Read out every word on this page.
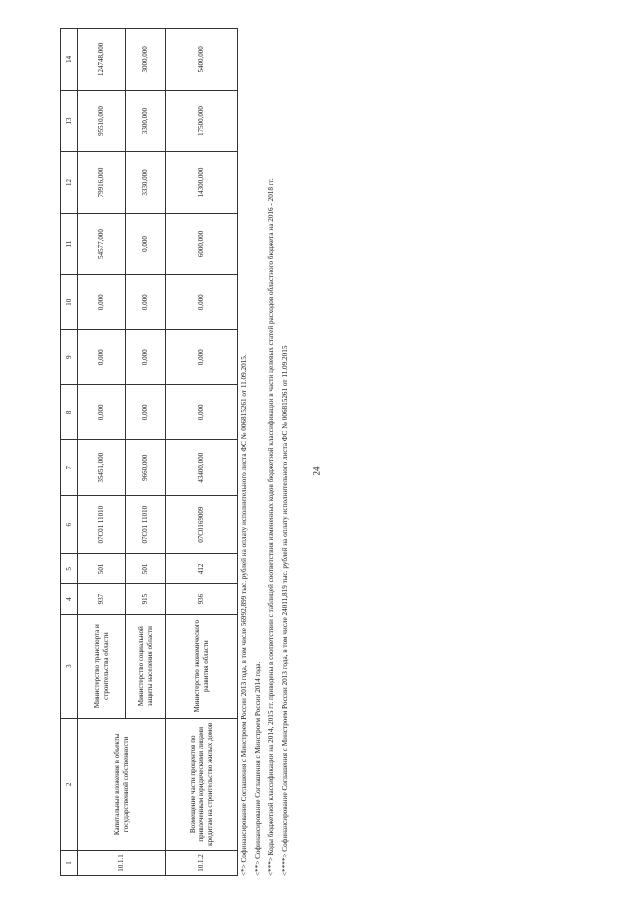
24
1	2	3	4	5	6	7	8	9	10	11	12	13	14
10.1.1	Капитальные вложения в объекты государственной собственности	Министерство транспорта и строительства области	937	501	07С01 11010	35451,000	0,000	0,000	0,000	54577,000	79916,000	95510,000	124748,000
		Министерство социальной защиты населения области	915	501	07С01 11010	9660,000	0,000	0,000	0,000	0,000	3330,000	3300,000	3000,000
10.1.2	Возмещение части процентов по привлеченным юридическими лицами кредитам на строительство жилых домов	Министерство экономического развития области	936	412	07С0169009	43400,000	0,000	0,000	0,000	6000,000	14300,000	17500,000	5400,000

<*> Софинансирование Соглашения с Минстроем России 2013 года, в том числе 56992,899 тыс. рублей на оплату исполнительного листа ФС № 006815261 от 11.09.2015. <**> Софинансирование Соглашения с Минстроем России 2014 года. <***> Коды бюджетной классификации на 2014, 2015 гг. приведены в соответствии с таблицей соответствия измененных кодов бюджетной классификации в части целевых статей расходов областного бюджета на 2016 - 2018 гг. <****> Софинансирование Соглашения с Минстроем России 2013 года, в том числе 24011,819 тыс. рублей на оплату исполнительного листа ФС № 006815261 от 11.09.2015
